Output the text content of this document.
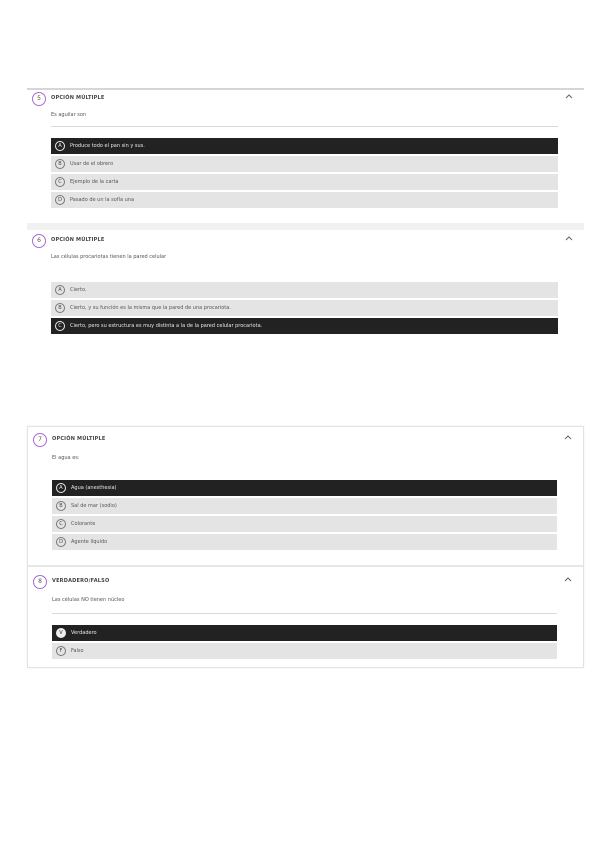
5	OPCIÓN MÚLTIPLE
Es aguilar son
A	Produce todo el pan sin y sus.
B	Usar de el obrero
C	Ejemplo de la carta
D	Pasado de un la sofía una
6	OPCIÓN MÚLTIPLE
Las células procariotas tienen la pared celular
A	Cierto.
B	Cierto, y su función es la misma que la pared de una procariota.
C	Cierto, pero su estructura es muy distinta a la de la pared celular procariota.
7	OPCIÓN MÚLTIPLE
El agua es:
A	Agua (anesthesia)
B	Sal de mar (sodio)
C	Colorante
D	Agente líquido
8	VERDADERO/FALSO
Las células NO tienen núcleo
V	Verdadero
F	Falso
